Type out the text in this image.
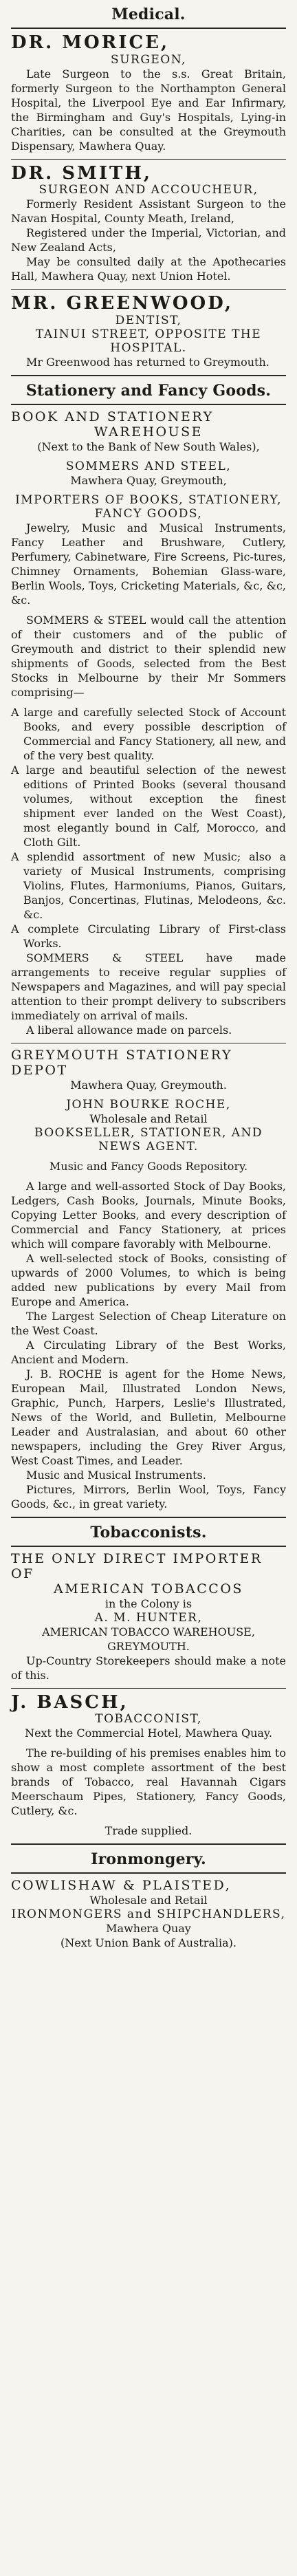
Medical.
DR. MORICE,
SURGEON,
Late Surgeon to the s.s. Great Britain, formerly Surgeon to the Northampton General Hospital, the Liverpool Eye and Ear Infirmary, the Birmingham and Guy's Hospitals, Lying-in Charities, can be consulted at the Greymouth Dispensary, Mawhera Quay.
DR. SMITH,
SURGEON AND ACCOUCHEUR,
Formerly Resident Assistant Surgeon to the Navan Hospital, County Meath, Ireland,
Registered under the Imperial, Victorian, and New Zealand Acts,
May be consulted daily at the Apothecaries Hall, Mawhera Quay, next Union Hotel.
MR. GREENWOOD,
DENTIST,
TAINUI STREET, OPPOSITE THE
HOSPITAL.
Mr Greenwood has returned to Greymouth.
Stationery and Fancy Goods.
BOOK AND STATIONERY
WAREHOUSE
(Next to the Bank of New South Wales),
SOMMERS AND STEEL,
Mawhera Quay, Greymouth,
IMPORTERS OF BOOKS, STATIONERY, FANCY GOODS,
Jewelry, Music and Musical Instruments, Fancy Leather and Brushware, Cutlery, Perfumery, Cabinetware, Fire Screens, Pic-tures, Chimney Ornaments, Bohemian Glass-ware, Berlin Wools, Toys, Cricketing Materials, &c, &c, &c.
SOMMERS & STEEL would call the attention of their customers and of the public of Greymouth and district to their splendid new shipments of Goods, selected from the Best Stocks in Melbourne by their Mr Sommers comprising—
A large and carefully selected Stock of Account Books, and every possible description of Commercial and Fancy Stationery, all new, and of the very best quality.
A large and beautiful selection of the newest editions of Printed Books (several thousand volumes, without exception the finest shipment ever landed on the West Coast), most elegantly bound in Calf, Morocco, and Cloth Gilt.
A splendid assortment of new Music; also a variety of Musical Instruments, comprising Violins, Flutes, Harmoniums, Pianos, Guitars, Banjos, Concertinas, Flutinas, Melodeons, &c. &c.
A complete Circulating Library of First-class Works.
SOMMERS & STEEL have made arrangements to receive regular supplies of Newspapers and Magazines, and will pay special attention to their prompt delivery to subscribers immediately on arrival of mails.
A liberal allowance made on parcels.
GREYMOUTH STATIONERY DEPOT
Mawhera Quay, Greymouth.
JOHN BOURKE ROCHE,
Wholesale and Retail
BOOKSELLER, STATIONER, AND NEWS AGENT.
Music and Fancy Goods Repository.
A large and well-assorted Stock of Day Books, Ledgers, Cash Books, Journals, Minute Books, Copying Letter Books, and every description of Commercial and Fancy Stationery, at prices which will compare favorably with Melbourne.
A well-selected stock of Books, consisting of upwards of 2000 Volumes, to which is being added new publications by every Mail from Europe and America.
The Largest Selection of Cheap Literature on the West Coast.
A Circulating Library of the Best Works, Ancient and Modern.
J. B. ROCHE is agent for the Home News, European Mail, Illustrated London News, Graphic, Punch, Harpers, Leslie's Illustrated, News of the World, and Bulletin, Melbourne Leader and Australasian, and about 60 other newspapers, including the Grey River Argus, West Coast Times, and Leader.
Music and Musical Instruments.
Pictures, Mirrors, Berlin Wool, Toys, Fancy Goods, &c., in great variety.
Tobacconists.
THE ONLY DIRECT IMPORTER OF
AMERICAN TOBACCOS
in the Colony is
A. M. HUNTER,
AMERICAN TOBACCO WAREHOUSE, GREYMOUTH.
Up-Country Storekeepers should make a note of this.
J. BASCH,
TOBACCONIST,
Next the Commercial Hotel, Mawhera Quay.
The re-building of his premises enables him to show a most complete assortment of the best brands of Tobacco, real Havannah Cigars Meerschaum Pipes, Stationery, Fancy Goods, Cutlery, &c.
Trade supplied.
Ironmongery.
COWLISHAW & PLAISTED,
Wholesale and Retail
IRONMONGERS and SHIPCHANDLERS,
Mawhera Quay
(Next Union Bank of Australia).
